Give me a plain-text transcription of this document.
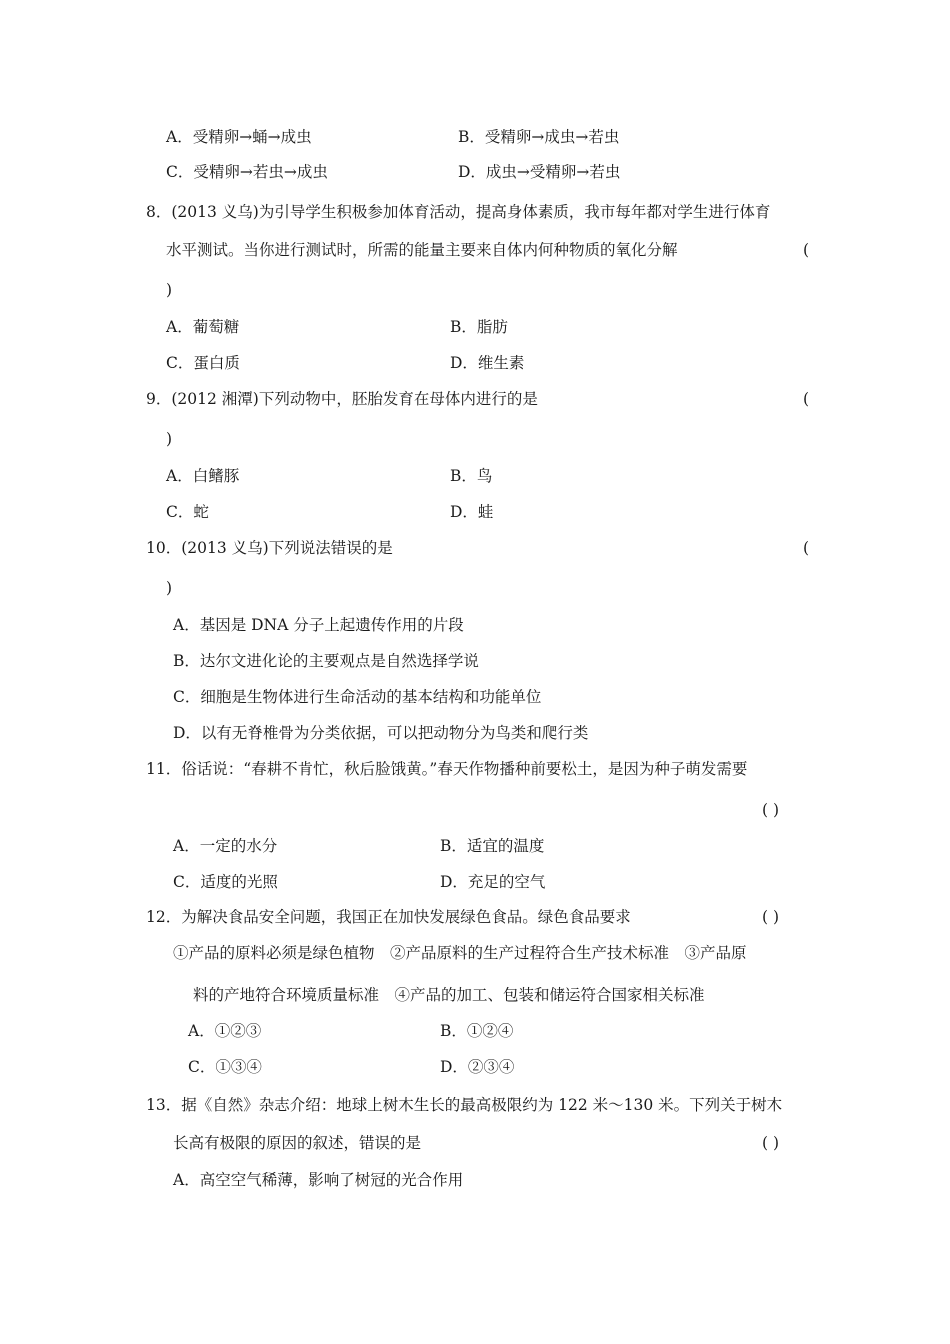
A．受精卵→蛹→成虫	B．受精卵→成虫→若虫
C．受精卵→若虫→成虫	D．成虫→受精卵→若虫
8．(2013 义乌)为引导学生积极参加体育活动，提高身体素质，我市每年都对学生进行体育
水平测试。当你进行测试时，所需的能量主要来自体内何种物质的氧化分解	(
)
A．葡萄糖	B．脂肪
C．蛋白质	D．维生素
9．(2012 湘潭)下列动物中，胚胎发育在母体内进行的是	(
)
A．白鳍豚	B．鸟
C．蛇	D．蛙
10．(2013 义乌)下列说法错误的是	(
)
A．基因是 DNA 分子上起遗传作用的片段
B．达尔文进化论的主要观点是自然选择学说
C．细胞是生物体进行生命活动的基本结构和功能单位
D．以有无脊椎骨为分类依据，可以把动物分为鸟类和爬行类
11．俗话说：“春耕不肯忙，秋后脸饿黄。”春天作物播种前要松土，是因为种子萌发需要
( )
A．一定的水分	B．适宜的温度
C．适度的光照	D．充足的空气
12．为解决食品安全问题，我国正在加快发展绿色食品。绿色食品要求	( )
①产品的原料必须是绿色植物　②产品原料的生产过程符合生产技术标准　③产品原
料的产地符合环境质量标准　④产品的加工、包装和储运符合国家相关标准
A．①②③	B．①②④
C．①③④	D．②③④
13．据《自然》杂志介绍：地球上树木生长的最高极限约为 122 米～130 米。下列关于树木
长高有极限的原因的叙述，错误的是	( )
A．高空空气稀薄，影响了树冠的光合作用
